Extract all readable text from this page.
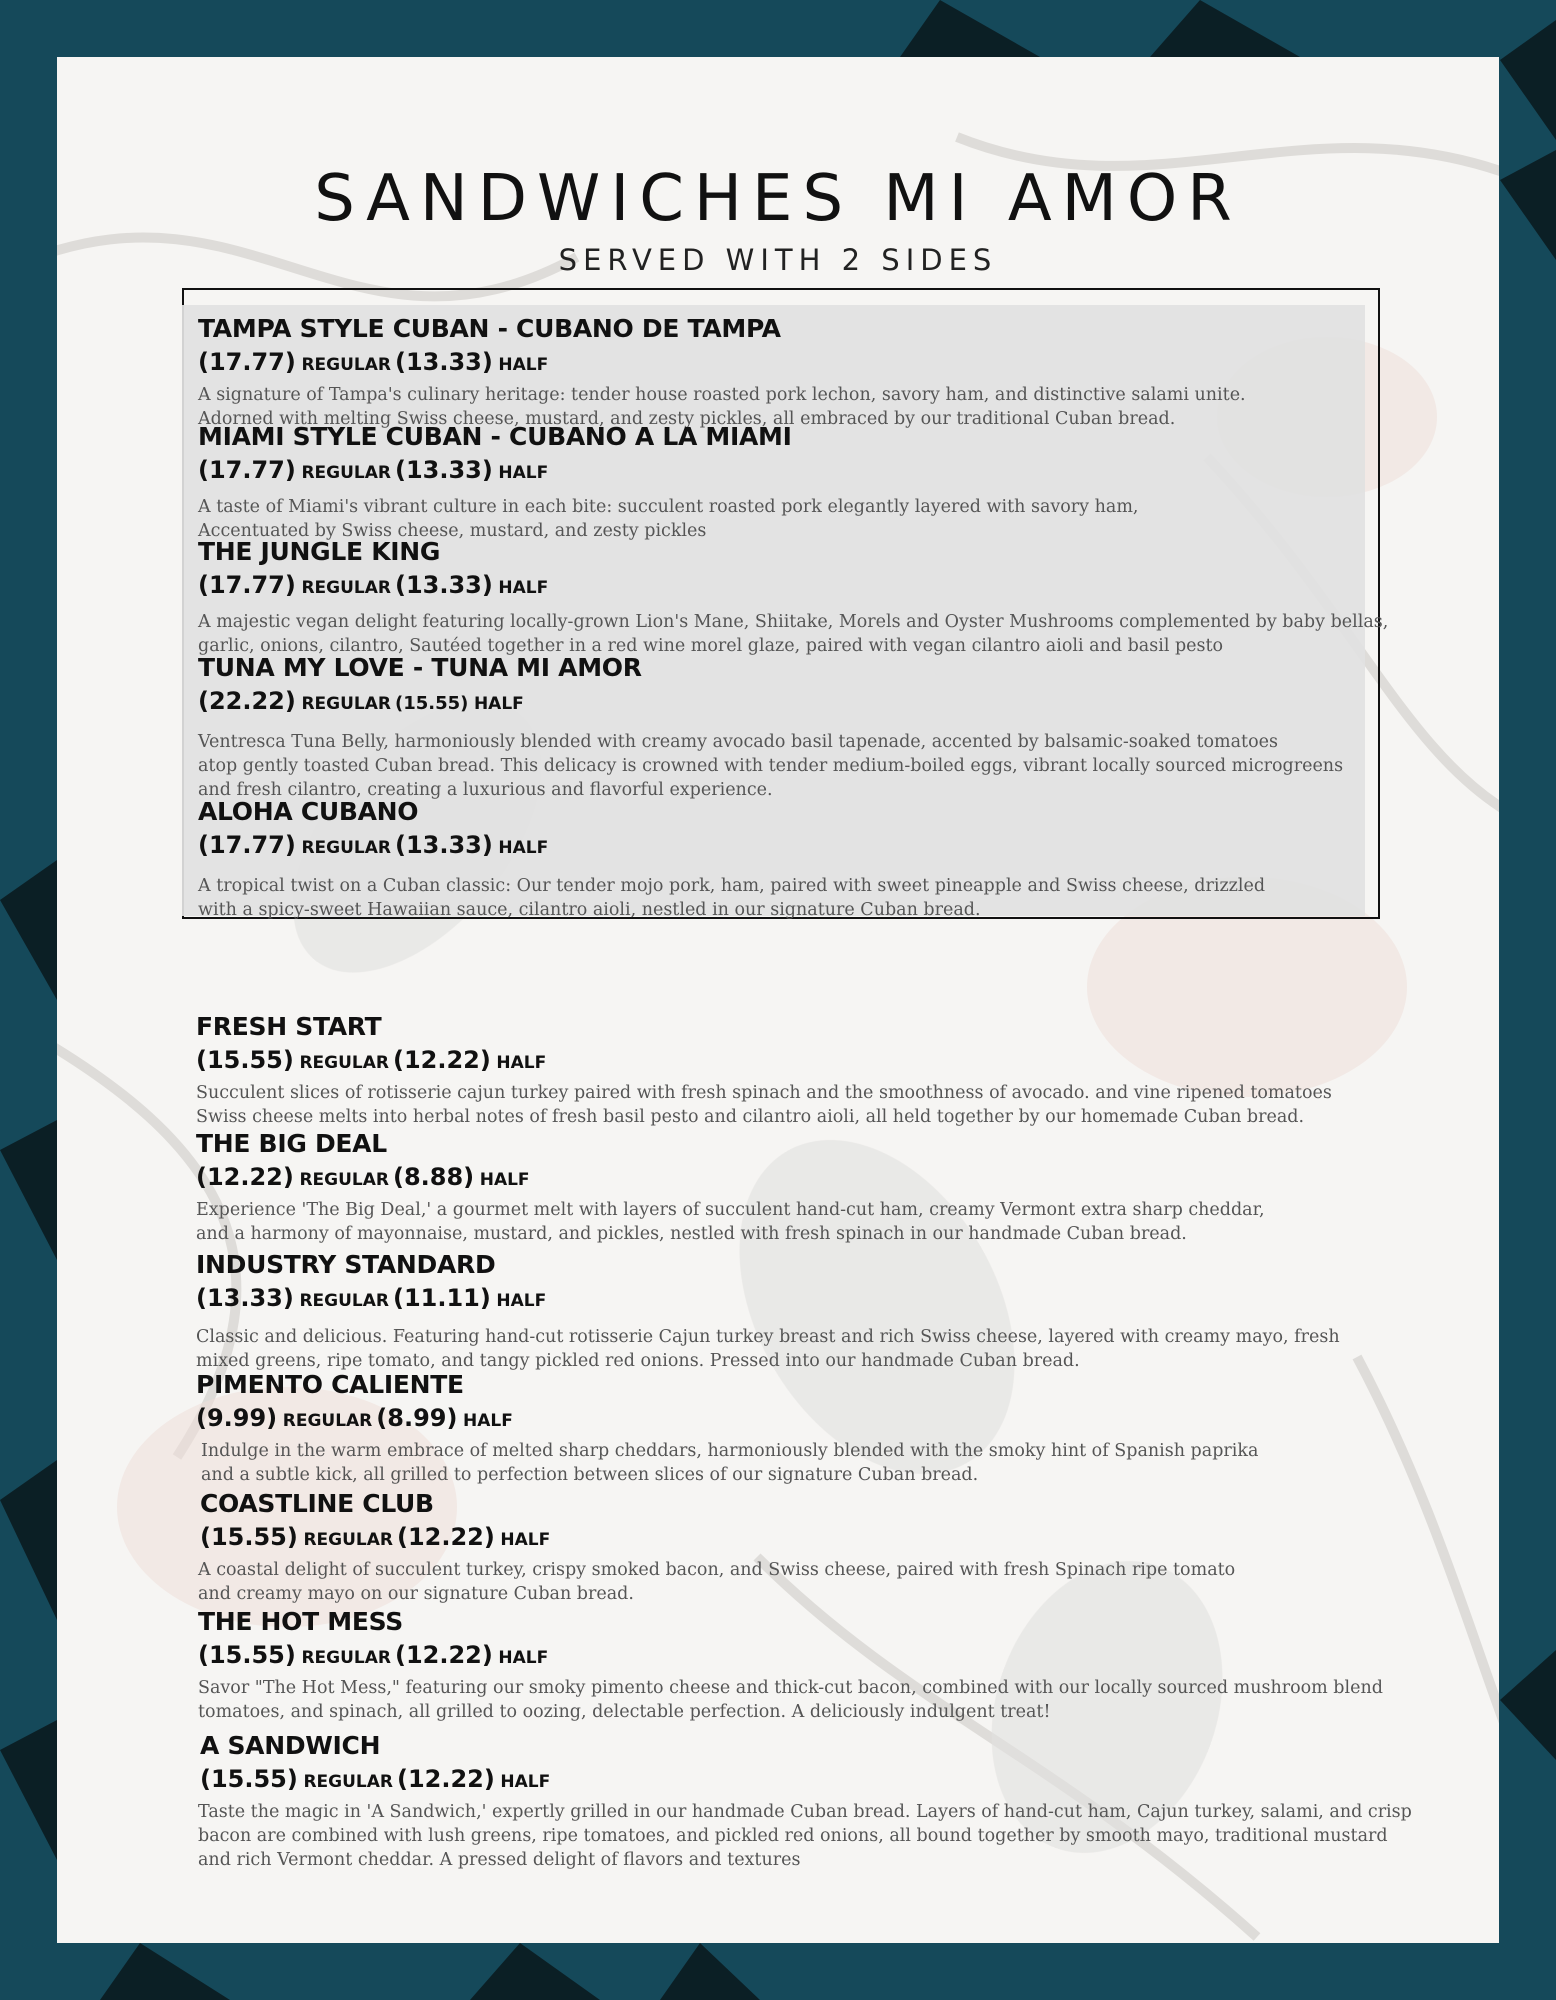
SANDWICHES MI AMOR
SERVED WITH 2 SIDES
TAMPA STYLE CUBAN - CUBANO DE TAMPA
(17.77) REGULAR (13.33) HALF
A signature of Tampa's culinary heritage: tender house roasted pork lechon, savory ham, and distinctive salami unite.
Adorned with melting Swiss cheese, mustard, and zesty pickles, all embraced by our traditional Cuban bread.
MIAMI STYLE CUBAN - CUBANO A LA MIAMI
(17.77) REGULAR (13.33) HALF
A taste of Miami's vibrant culture in each bite: succulent roasted pork elegantly layered with savory ham,
Accentuated by Swiss cheese, mustard, and zesty pickles
THE JUNGLE KING
(17.77) REGULAR (13.33) HALF
A majestic vegan delight featuring locally-grown Lion's Mane, Shiitake, Morels and Oyster Mushrooms complemented by baby bellas,
garlic, onions, cilantro, Sautéed together in a red wine morel glaze, paired with vegan cilantro aioli and basil pesto
TUNA MY LOVE - TUNA MI AMOR
(22.22) REGULAR (15.55) HALF
Ventresca Tuna Belly, harmoniously blended with creamy avocado basil tapenade, accented by balsamic-soaked tomatoes
atop gently toasted Cuban bread. This delicacy is crowned with tender medium-boiled eggs, vibrant locally sourced microgreens
and fresh cilantro, creating a luxurious and flavorful experience.
ALOHA CUBANO
(17.77) REGULAR (13.33) HALF
A tropical twist on a Cuban classic: Our tender mojo pork, ham, paired with sweet pineapple and Swiss cheese, drizzled
with a spicy-sweet Hawaiian sauce, cilantro aioli, nestled in our signature Cuban bread.
FRESH START
(15.55) REGULAR (12.22) HALF
Succulent slices of rotisserie cajun turkey paired with fresh spinach and the smoothness of avocado. and vine ripened tomatoes
Swiss cheese melts into herbal notes of fresh basil pesto and cilantro aioli, all held together by our homemade Cuban bread.
THE BIG DEAL
(12.22) REGULAR (8.88) HALF
Experience 'The Big Deal,' a gourmet melt with layers of succulent hand-cut ham, creamy Vermont extra sharp cheddar,
and a harmony of mayonnaise, mustard, and pickles, nestled with fresh spinach in our handmade Cuban bread.
INDUSTRY STANDARD
(13.33) REGULAR (11.11) HALF
Classic and delicious. Featuring hand-cut rotisserie Cajun turkey breast and rich Swiss cheese, layered with creamy mayo, fresh
mixed greens, ripe tomato, and tangy pickled red onions. Pressed into our handmade Cuban bread.
PIMENTO CALIENTE
(9.99) REGULAR (8.99) HALF
Indulge in the warm embrace of melted sharp cheddars, harmoniously blended with the smoky hint of Spanish paprika
and a subtle kick, all grilled to perfection between slices of our signature Cuban bread.
COASTLINE CLUB
(15.55) REGULAR (12.22) HALF
A coastal delight of succulent turkey, crispy smoked bacon, and Swiss cheese, paired with fresh Spinach ripe tomato
and creamy mayo on our signature Cuban bread.
THE HOT MESS
(15.55) REGULAR (12.22) HALF
Savor "The Hot Mess," featuring our smoky pimento cheese and thick-cut bacon, combined with our locally sourced mushroom blend
tomatoes, and spinach, all grilled to oozing, delectable perfection. A deliciously indulgent treat!
A SANDWICH
(15.55) REGULAR (12.22) HALF
Taste the magic in 'A Sandwich,' expertly grilled in our handmade Cuban bread. Layers of hand-cut ham, Cajun turkey, salami, and crisp
bacon are combined with lush greens, ripe tomatoes, and pickled red onions, all bound together by smooth mayo, traditional mustard
and rich Vermont cheddar. A pressed delight of flavors and textures
